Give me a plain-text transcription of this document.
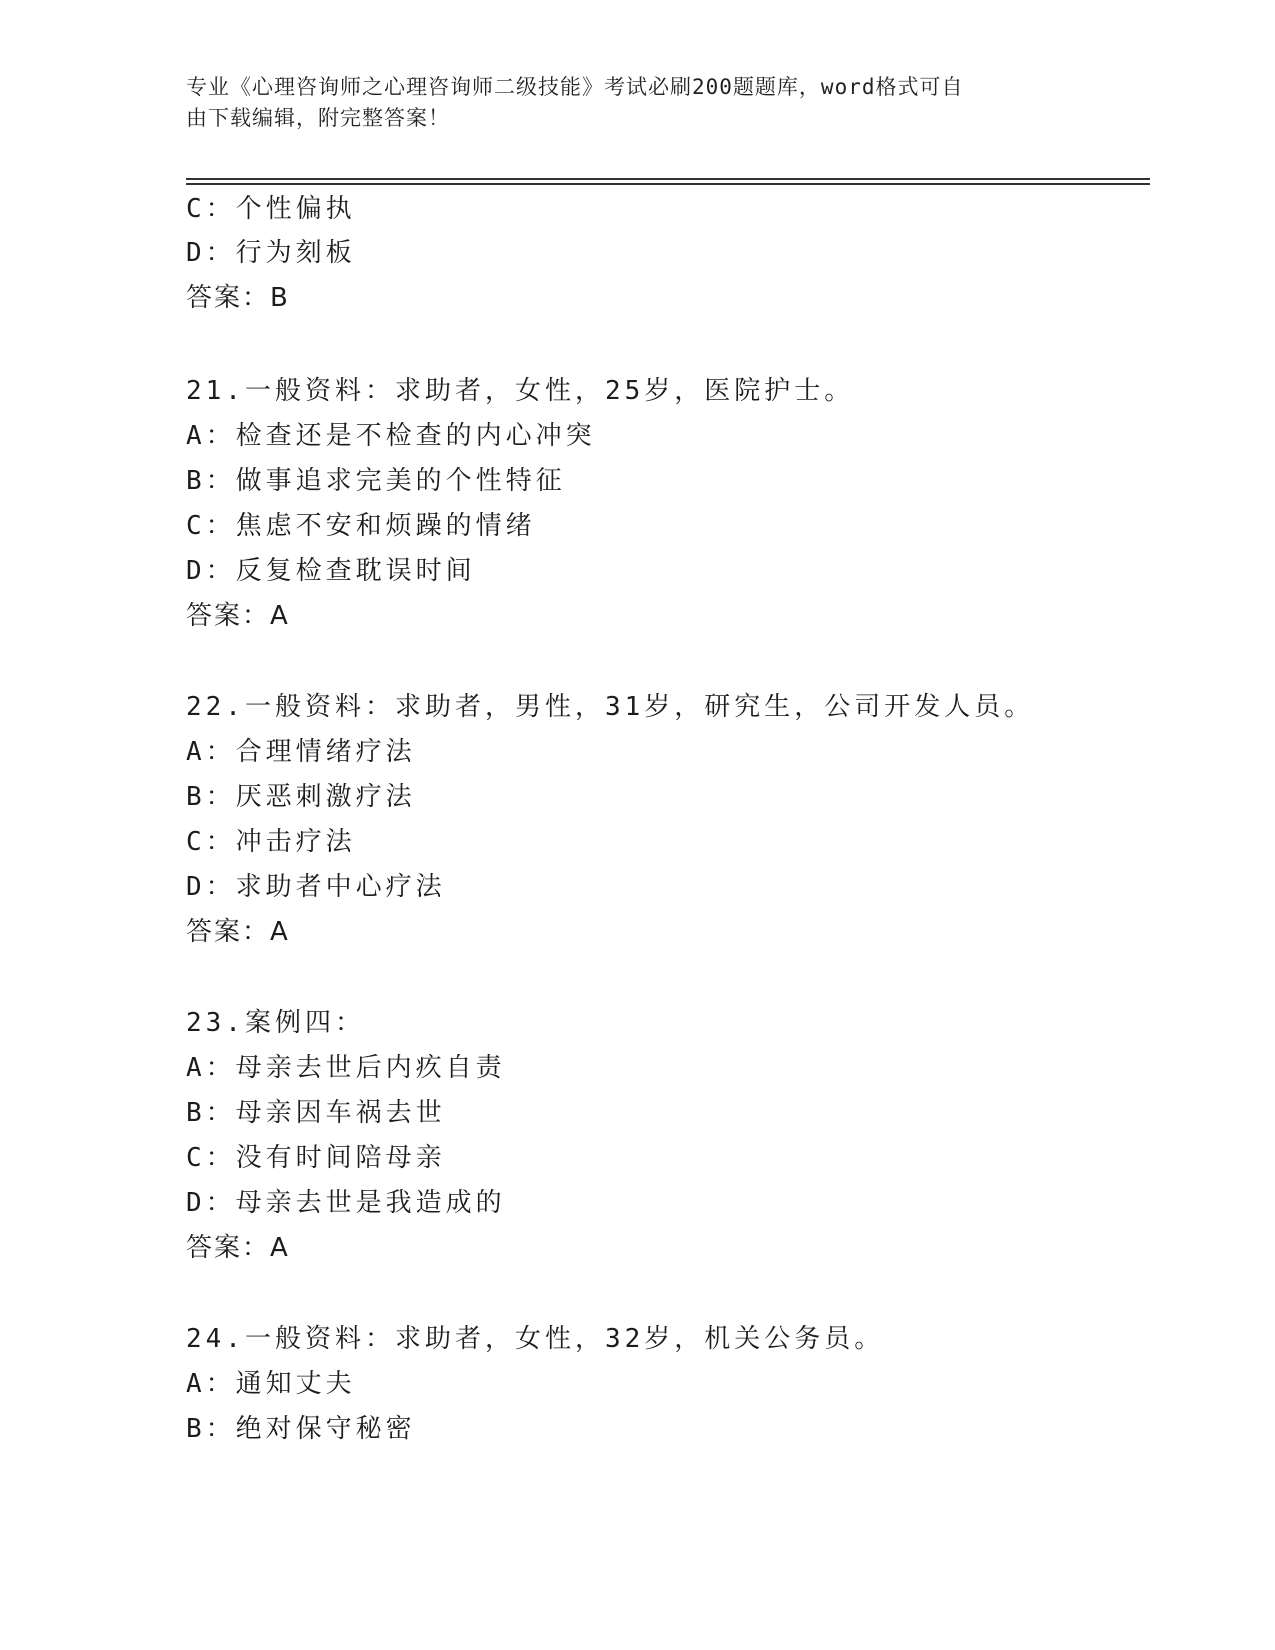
专业《心理咨询师之心理咨询师二级技能》考试必刷200题题库，word格式可自
由下载编辑，附完整答案！
C：个性偏执
D：行为刻板
答案：B
21.一般资料：求助者，女性，25岁，医院护士。
A：检查还是不检查的内心冲突
B：做事追求完美的个性特征
C：焦虑不安和烦躁的情绪
D：反复检查耽误时间
答案：A
22.一般资料：求助者，男性，31岁，研究生，公司开发人员。
A：合理情绪疗法
B：厌恶刺激疗法
C：冲击疗法
D：求助者中心疗法
答案：A
23.案例四：
A：母亲去世后内疚自责
B：母亲因车祸去世
C：没有时间陪母亲
D：母亲去世是我造成的
答案：A
24.一般资料：求助者，女性，32岁，机关公务员。
A：通知丈夫
B：绝对保守秘密
